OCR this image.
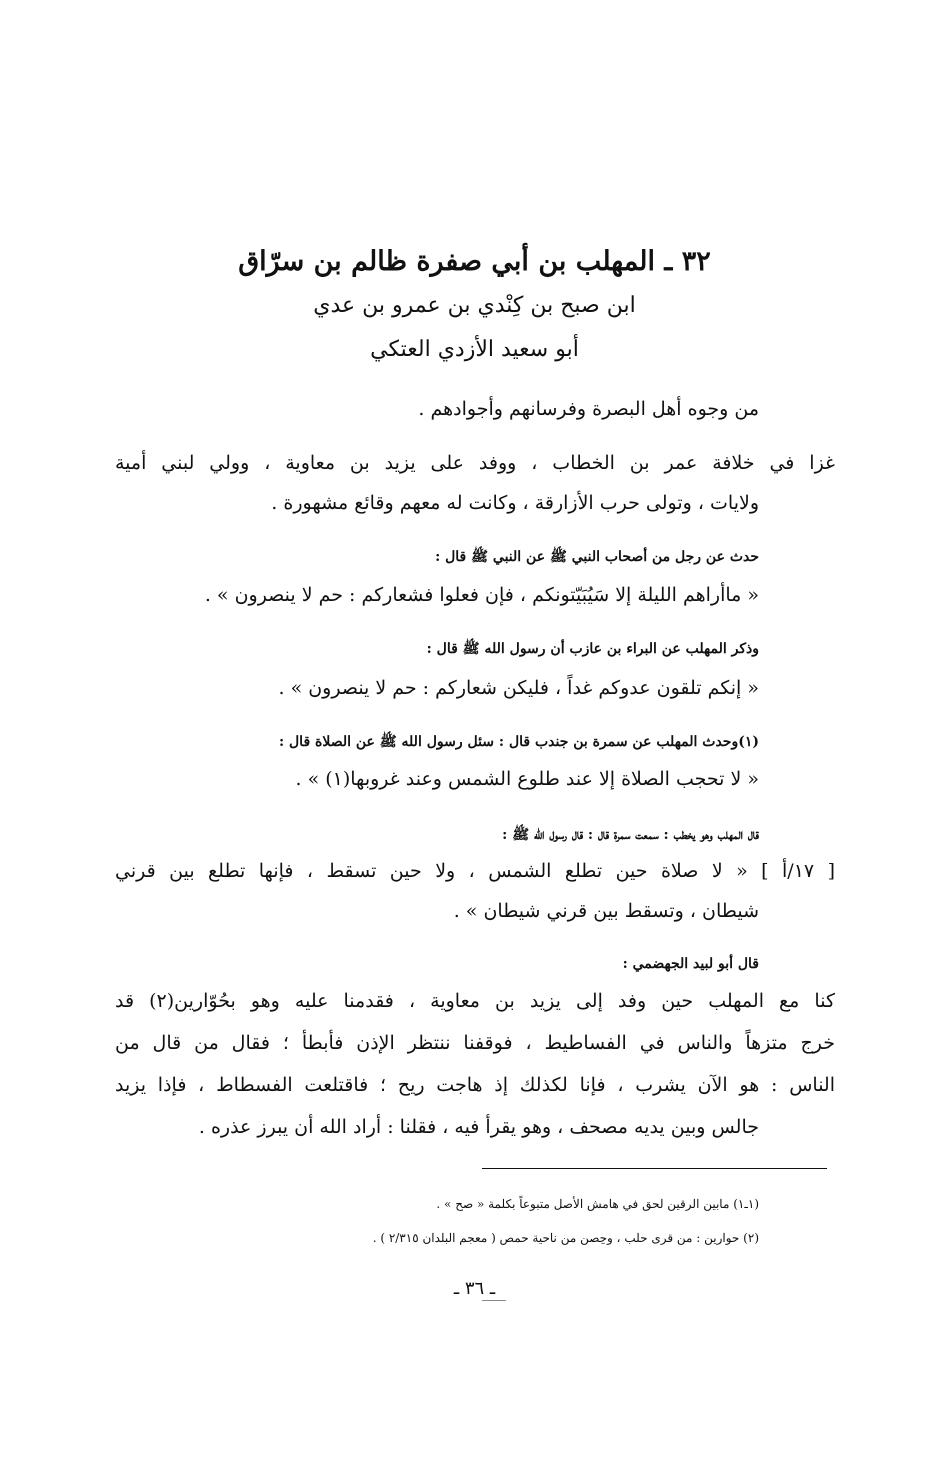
٣٢ ـ المهلب بن أبي صفرة ظالم بن سرّاق
ابن صبح بن كِنْدي بن عمرو بن عدي
أبو سعيد الأزدي العتكي
من وجوه أهل البصرة وفرسانهم وأجوادهم .
غزا في خلافة عمر بن الخطاب ، ووفد على يزيد بن معاوية ، وولي لبني أمية
ولايات ، وتولى حرب الأزارقة ، وكانت له معهم وقائع مشهورة .
حدث عن رجل من أصحاب النبي ﷺ عن النبي ﷺ قال :
« ماأراهم الليلة إلا سَيُبَيّتونكم ، فإن فعلوا فشعاركم : حم لا ينصرون » .
وذكر المهلب عن البراء بن عازب أن رسول الله ﷺ قال :
« إنكم تلقون عدوكم غداً ، فليكن شعاركم : حم لا ينصرون » .
(١)وحدث المهلب عن سمرة بن جندب قال : سئل رسول الله ﷺ عن الصلاة قال :
« لا تحجب الصلاة إلا عند طلوع الشمس وعند غروبها(١) » .
قال المهلب وهو يخطب : سمعت سمرة قال : قال رسول الله ﷺ :
[ ١٧/أ ] « لا صلاة حين تطلع الشمس ، ولا حين تسقط ، فإنها تطلع بين قرني
شيطان ، وتسقط بين قرني شيطان » .
قال أبو لبيد الجهضمي :
كنا مع المهلب حين وفد إلى يزيد بن معاوية ، فقدمنا عليه وهو بحُوّارين(٢) قد
خرج متزهاً والناس في الفساطيط ، فوقفنا ننتظر الإذن فأبطأ ؛ فقال من قال من
الناس : هو الآن يشرب ، فإنا لكذلك إذ هاجت ريح ؛ فاقتلعت الفسطاط ، فإذا يزيد
جالس وبين يديه مصحف ، وهو يقرأ فيه ، فقلنا : أراد الله أن يبرز عذره .
(١ـ١) مابين الرقين لحق في هامش الأصل متبوعاً بكلمة « صح » .
(٢) حوارين : من قرى حلب ، وحِصن من ناحية حمص ( معجم البلدان ٢/٣١٥ ) .
ـ ٣٦ ـ
